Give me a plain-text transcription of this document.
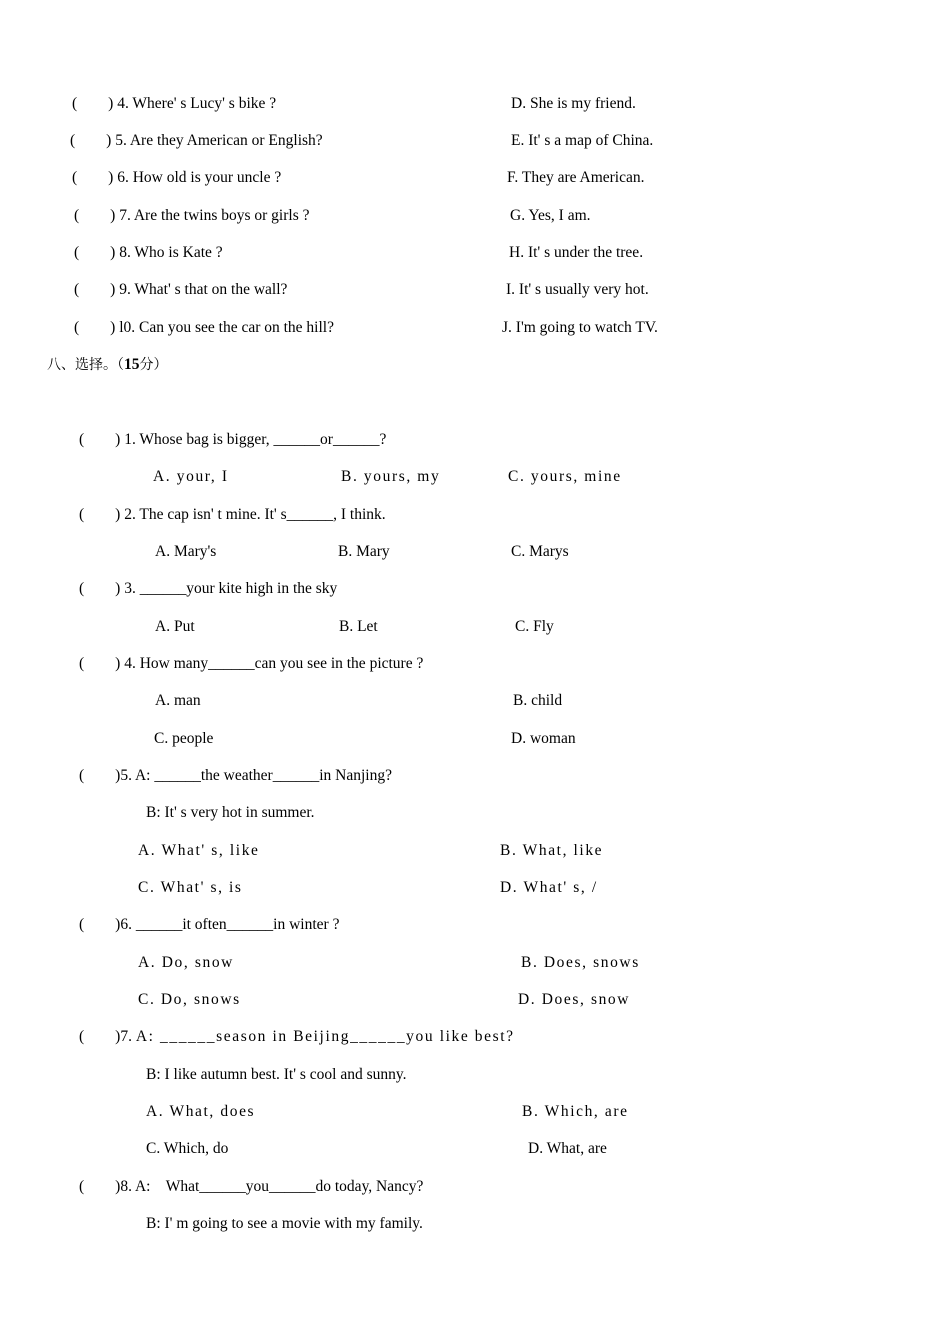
(        ) 4. Where' s Lucy' s bike ?	D. She is my friend.
(        ) 5. Are they American or English?	E. It' s a map of China.
(        ) 6. How old is your uncle ?	F. They are American.
(        ) 7. Are the twins boys or girls ?	G. Yes, I am.
(        ) 8. Who is Kate ?	H. It' s under the tree.
(        ) 9. What' s that on the wall?	I. It' s usually very hot.
(        ) l0. Can you see the car on the hill?	J. I'm going to watch TV.
八、选择。（15分）
(        ) 1. Whose bag is bigger, ______or______?
A. your, I	B. yours, my	C. yours, mine
(        ) 2. The cap isn' t mine. It' s______, I think.
A. Mary's	B. Mary	C. Marys
(        ) 3. ______your kite high in the sky
A. Put	B. Let	C. Fly
(        ) 4. How many______can you see in the picture ?
A. man	B. child
C. people	D. woman
(        )5. A: ______the weather______in Nanjing?
B: It' s very hot in summer.
A. What' s, like	B. What, like
C. What' s, is	D. What' s, /
(        )6. ______it often______in winter ?
A. Do, snow	B. Does, snows
C. Do, snows	D. Does, snow
(        )7. A: ______season in Beijing______you like best?
B: I like autumn best. It' s cool and sunny.
A. What, does	B. Which, are
C. Which, do	D. What, are
(        )8. A:    What______you______do today, Nancy?
B: I' m going to see a movie with my family.
